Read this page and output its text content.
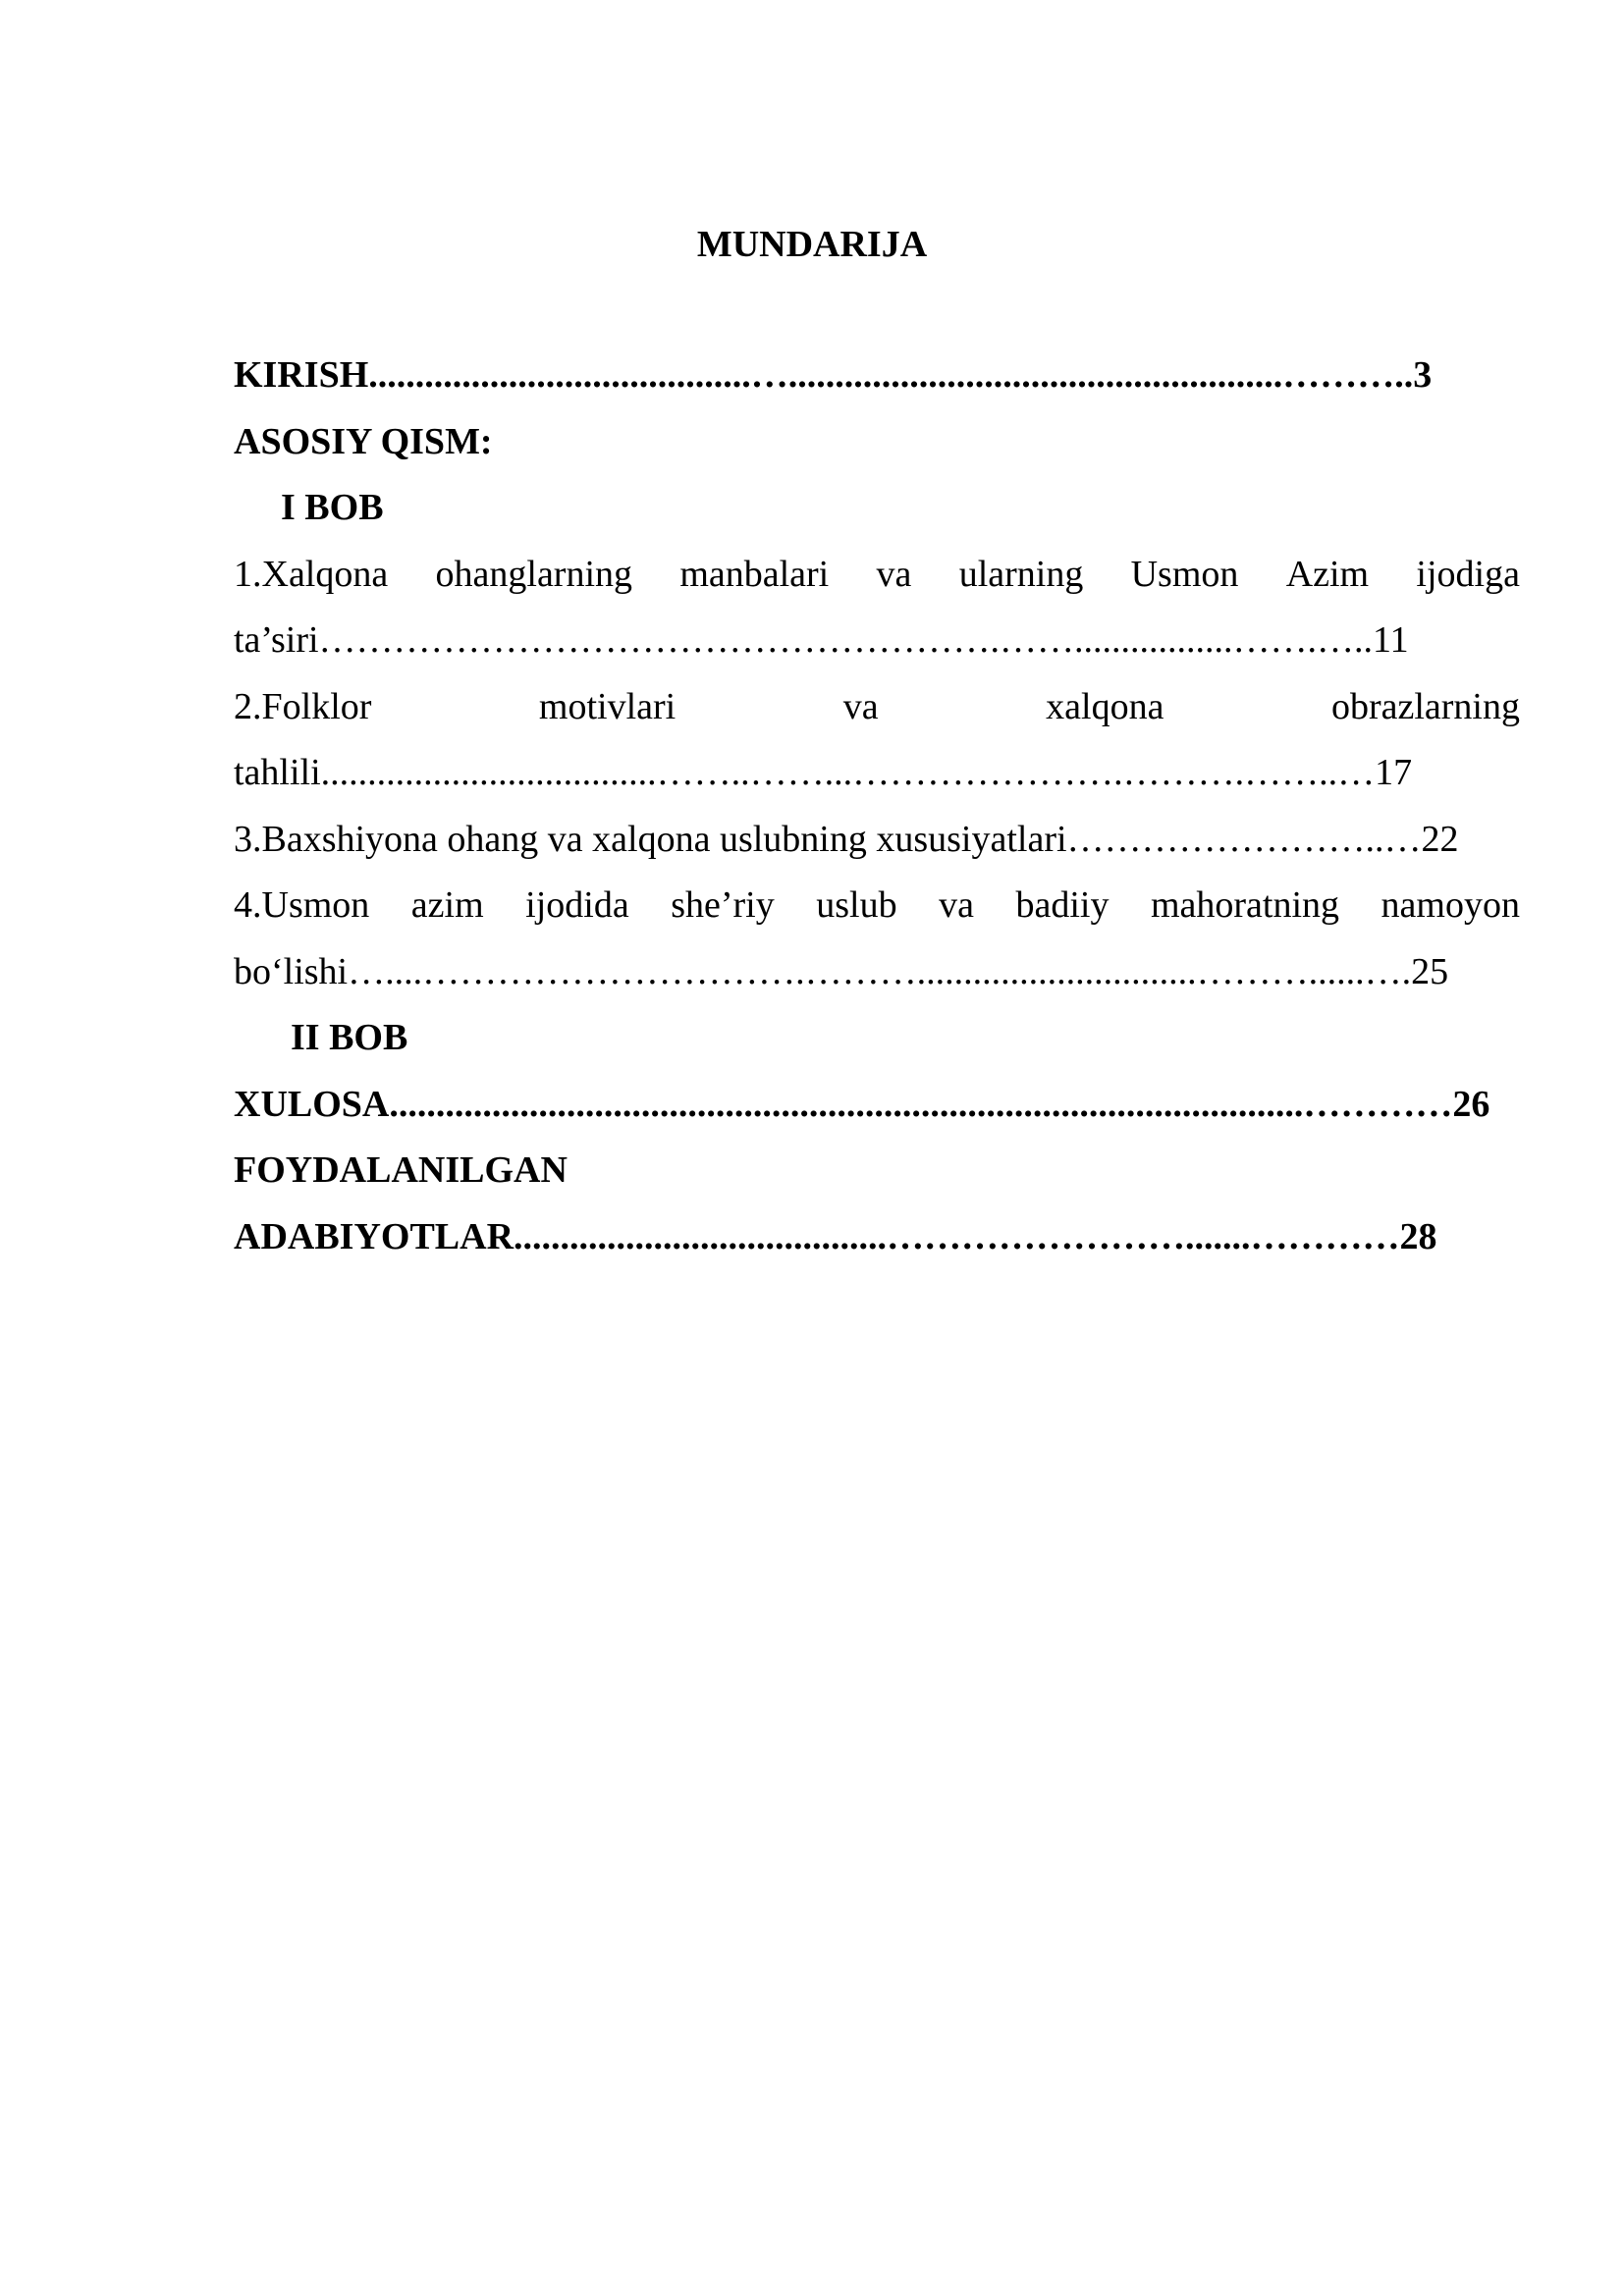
MUNDARIJA
KIRISH.........................................….....................................................………..3
ASOSIY QISM:
I BOB
1.Xalqona ohanglarning manbalari va ularning Usmon Azim ijodiga
ta’siri……………………………………………….…….................…….…..11
2.Folklor	motivlari	va	xalqona	obrazlarning
tahlili....................................……..……...………………….……….……..…17
3.Baxshiyona ohang va xalqona uslubning xususiyatlari……………………..…22
4.Usmon azim ijodida she’riy uslub va badiiy mahoratning namoyon
bo‘lishi…....………………………….………..............................………......….25
II BOB
XULOSA..................................................................................................…………26
FOYDALANILGAN
ADABIYOTLAR........................................…………………….......…………28
